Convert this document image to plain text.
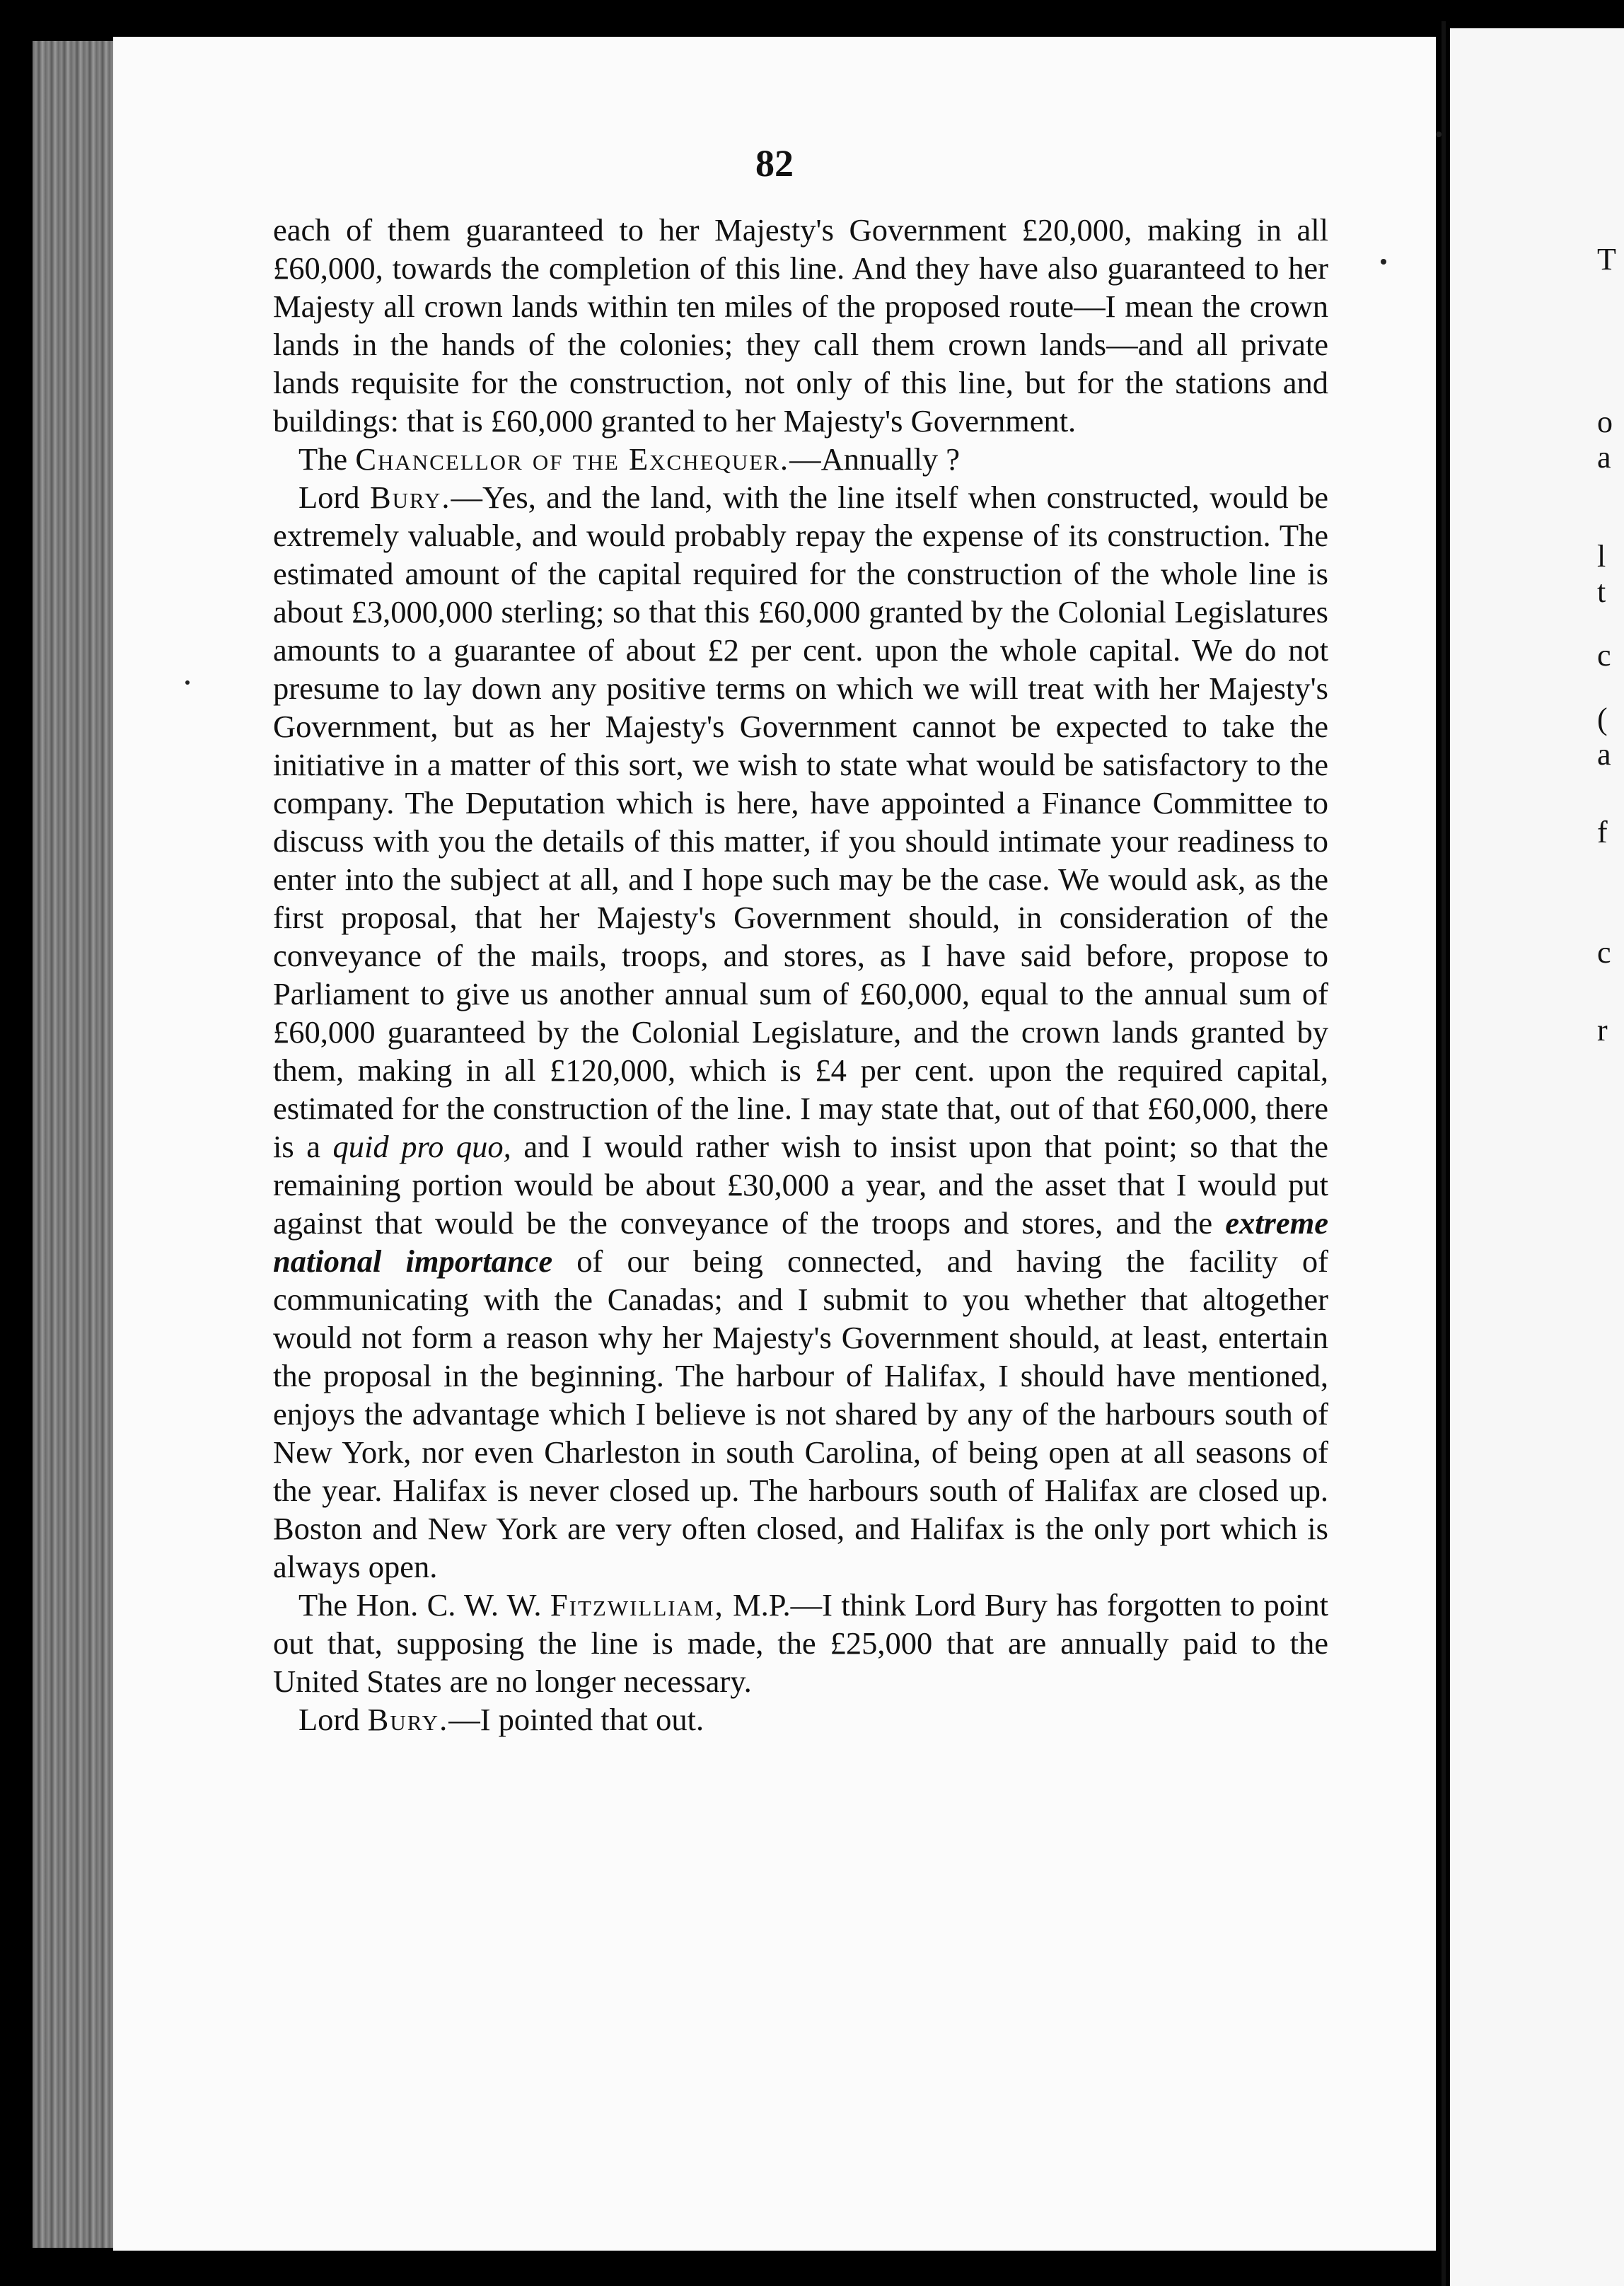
82

each of them guaranteed to her Majesty's Government £20,000, making in all £60,000, towards the completion of this line. And they have also guaranteed to her Majesty all crown lands within ten miles of the proposed route—I mean the crown lands in the hands of the colonies; they call them crown lands—and all private lands requisite for the construction, not only of this line, but for the stations and buildings: that is £60,000 granted to her Majesty's Government.

The Chancellor of the Exchequer.—Annually ?

Lord Bury.—Yes, and the land, with the line itself when constructed, would be extremely valuable, and would probably repay the expense of its construction. The estimated amount of the capital required for the construction of the whole line is about £3,000,000 sterling; so that this £60,000 granted by the Colonial Legislatures amounts to a guarantee of about £2 per cent. upon the whole capital. We do not presume to lay down any positive terms on which we will treat with her Majesty's Government, but as her Majesty's Government cannot be expected to take the initiative in a matter of this sort, we wish to state what would be satisfactory to the company. The Deputation which is here, have appointed a Finance Committee to discuss with you the details of this matter, if you should intimate your readiness to enter into the subject at all, and I hope such may be the case. We would ask, as the first proposal, that her Majesty's Government should, in consideration of the conveyance of the mails, troops, and stores, as I have said before, propose to Parliament to give us another annual sum of £60,000, equal to the annual sum of £60,000 guaranteed by the Colonial Legislature, and the crown lands granted by them, making in all £120,000, which is £4 per cent. upon the required capital, estimated for the construction of the line. I may state that, out of that £60,000, there is a quid pro quo, and I would rather wish to insist upon that point; so that the remaining portion would be about £30,000 a year, and the asset that I would put against that would be the conveyance of the troops and stores, and the extreme national importance of our being connected, and having the facility of communicating with the Canadas; and I submit to you whether that altogether would not form a reason why her Majesty's Government should, at least, entertain the proposal in the beginning. The harbour of Halifax, I should have mentioned, enjoys the advantage which I believe is not shared by any of the harbours south of New York, nor even Charleston in south Carolina, of being open at all seasons of the year. Halifax is never closed up. The harbours south of Halifax are closed up. Boston and New York are very often closed, and Halifax is the only port which is always open.

The Hon. C. W. W. Fitzwilliam, M.P.—I think Lord Bury has forgotten to point out that, supposing the line is made, the £25,000 that are annually paid to the United States are no longer necessary.

Lord Bury.—I pointed that out.

T
o
a
l
t
c
(
a
f
c
r
